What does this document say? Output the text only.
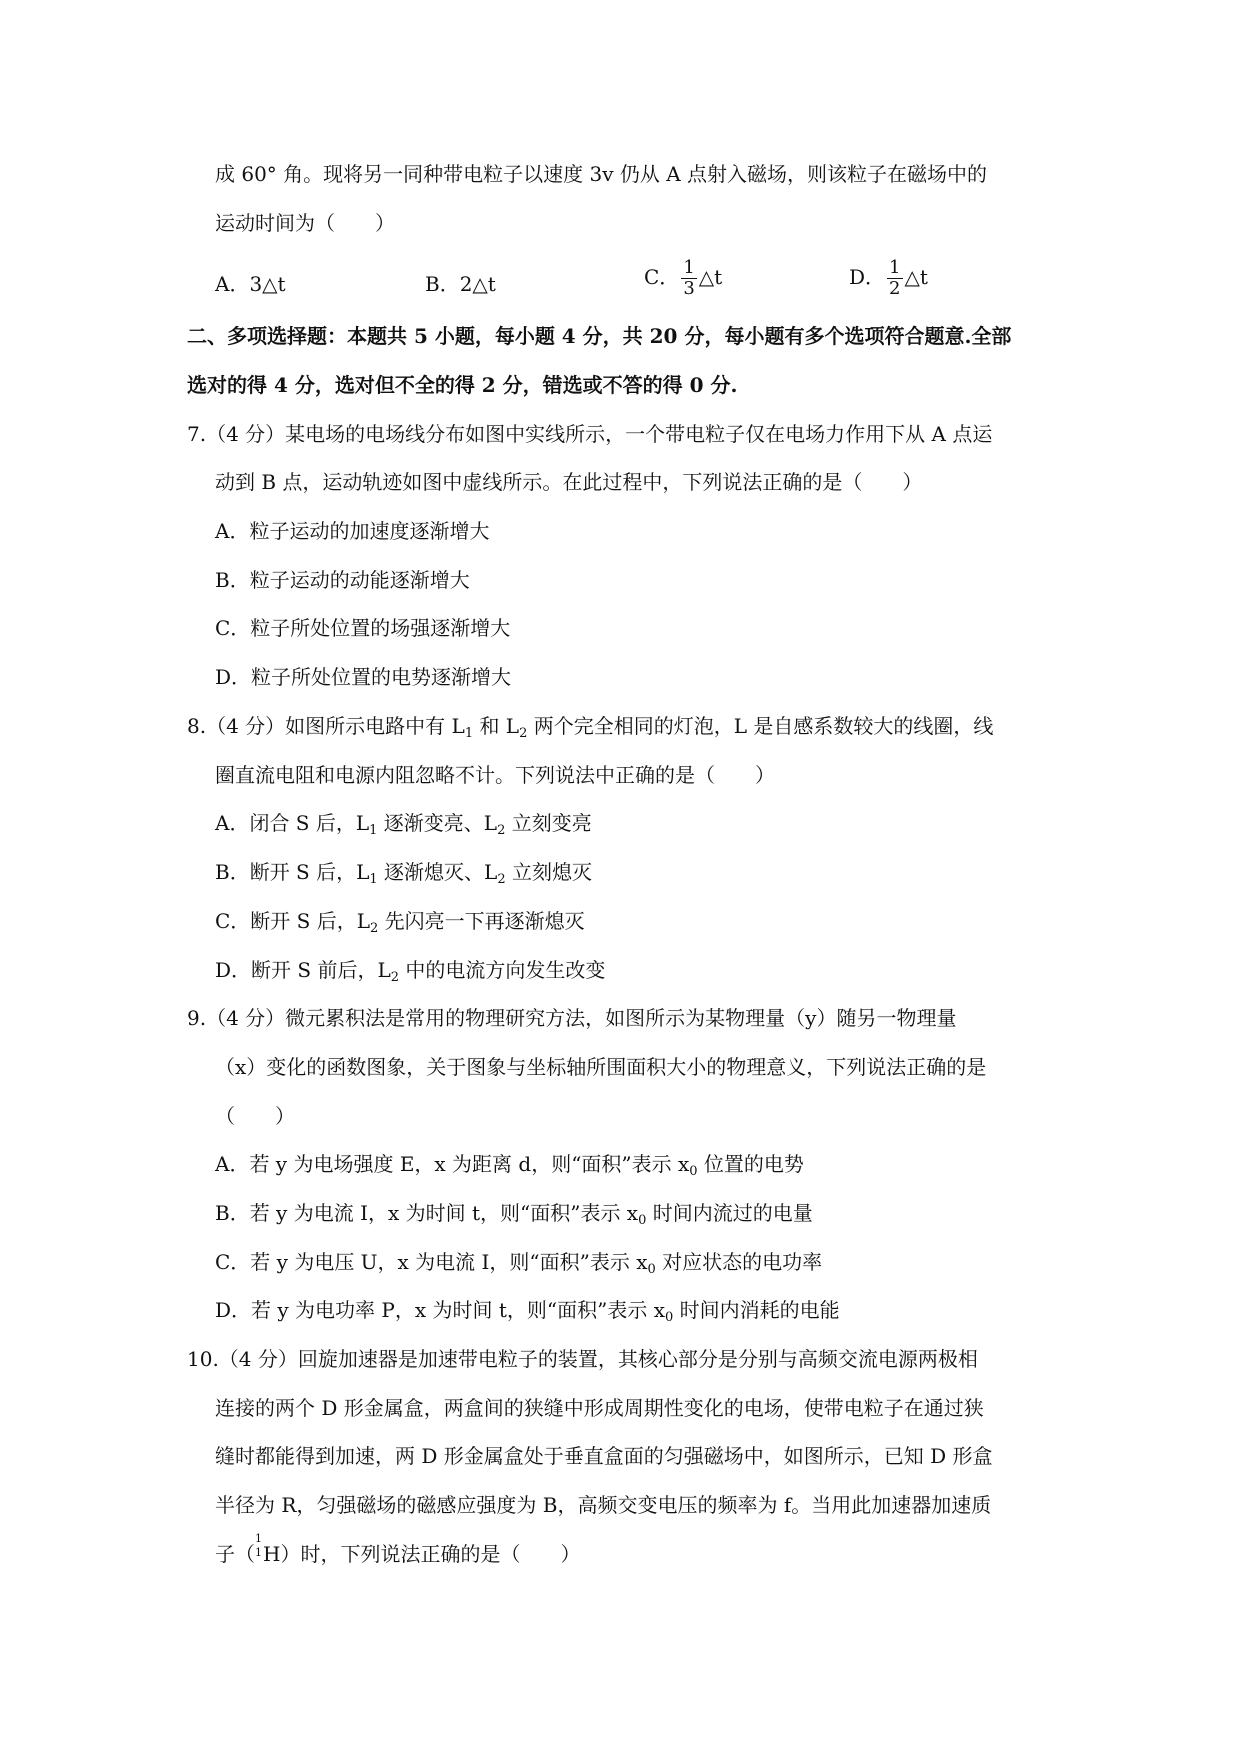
成 60° 角。现将另一同种带电粒子以速度 3v 仍从 A 点射入磁场，则该粒子在磁场中的
运动时间为（　　）
A．3△t	B．2△t	C． $\frac{1}{3}$ △t	D． $\frac{1}{2}$ △t
二、多项选择题：本题共 5 小题，每小题 4 分，共 20 分，每小题有多个选项符合题意.全部
选对的得 4 分，选对但不全的得 2 分，错选或不答的得 0 分.
7.（4 分）某电场的电场线分布如图中实线所示，一个带电粒子仅在电场力作用下从 A 点运
动到 B 点，运动轨迹如图中虚线所示。在此过程中，下列说法正确的是（　　）
A．粒子运动的加速度逐渐增大
B．粒子运动的动能逐渐增大
C．粒子所处位置的场强逐渐增大
D．粒子所处位置的电势逐渐增大
8.（4 分）如图所示电路中有 $L_1$ 和 $L_2$ 两个完全相同的灯泡，L 是自感系数较大的线圈，线
圈直流电阻和电源内阻忽略不计。下列说法中正确的是（　　）
A．闭合 S 后，$L_1$ 逐渐变亮、$L_2$ 立刻变亮
B．断开 S 后，$L_1$ 逐渐熄灭、$L_2$ 立刻熄灭
C．断开 S 后，$L_2$ 先闪亮一下再逐渐熄灭
D．断开 S 前后，$L_2$ 中的电流方向发生改变
9.（4 分）微元累积法是常用的物理研究方法，如图所示为某物理量（y）随另一物理量
（x）变化的函数图象，关于图象与坐标轴所围面积大小的物理意义，下列说法正确的是
（　　）
A．若 y 为电场强度 E，x 为距离 d，则“面积”表示 $x_0$ 位置的电势
B．若 y 为电流 I，x 为时间 t，则“面积”表示 $x_0$ 时间内流过的电量
C．若 y 为电压 U，x 为电流 I，则“面积”表示 $x_0$ 对应状态的电功率
D．若 y 为电功率 P，x 为时间 t，则“面积”表示 $x_0$ 时间内消耗的电能
10.（4 分）回旋加速器是加速带电粒子的装置，其核心部分是分别与高频交流电源两极相
连接的两个 D 形金属盒，两盒间的狭缝中形成周期性变化的电场，使带电粒子在通过狭
缝时都能得到加速，两 D 形金属盒处于垂直盒面的匀强磁场中，如图所示，已知 D 形盒
半径为 R，匀强磁场的磁感应强度为 B，高频交变电压的频率为 f。当用此加速器加速质
子（
1
1 H）时，下列说法正确的是（　　）
